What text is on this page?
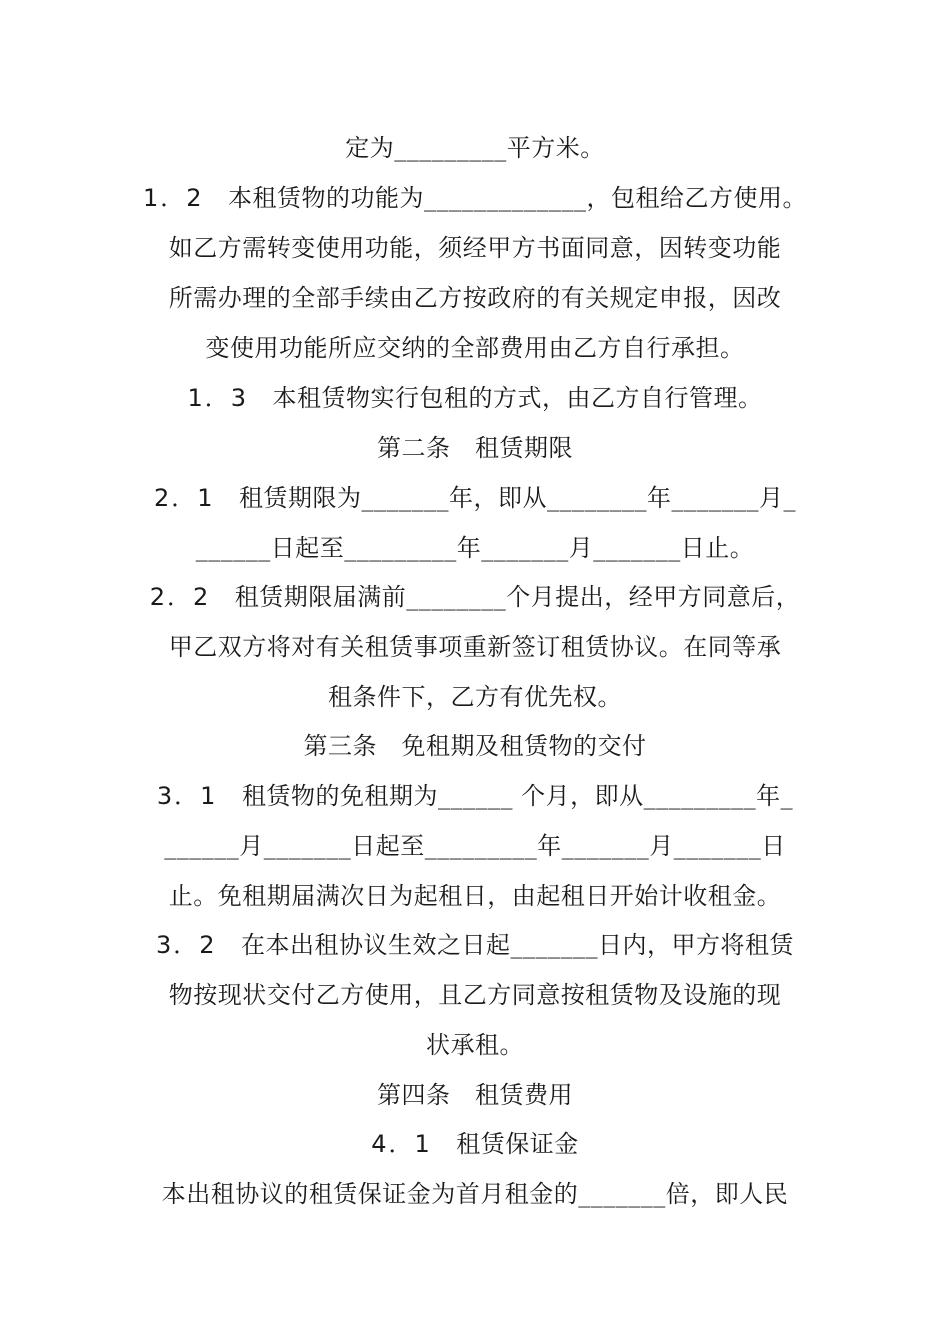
定为_________平方米。
1．2　本租赁物的功能为_____________，包租给乙方使用。
如乙方需转变使用功能，须经甲方书面同意，因转变功能
所需办理的全部手续由乙方按政府的有关规定申报，因改
变使用功能所应交纳的全部费用由乙方自行承担。
1．3　本租赁物实行包租的方式，由乙方自行管理。
第二条　租赁期限
2．1　租赁期限为_______年，即从________年_______月_
______日起至_________年_______月_______日止。
2．2　租赁期限届满前________个月提出，经甲方同意后，
甲乙双方将对有关租赁事项重新签订租赁协议。在同等承
租条件下，乙方有优先权。
第三条　免租期及租赁物的交付
3．1　租赁物的免租期为______ 个月，即从_________年_
______月_______日起至_________年_______月_______日
止。免租期届满次日为起租日，由起租日开始计收租金。
3．2　在本出租协议生效之日起_______日内，甲方将租赁
物按现状交付乙方使用，且乙方同意按租赁物及设施的现
状承租。
第四条　租赁费用
4．1　租赁保证金
本出租协议的租赁保证金为首月租金的_______倍，即人民
